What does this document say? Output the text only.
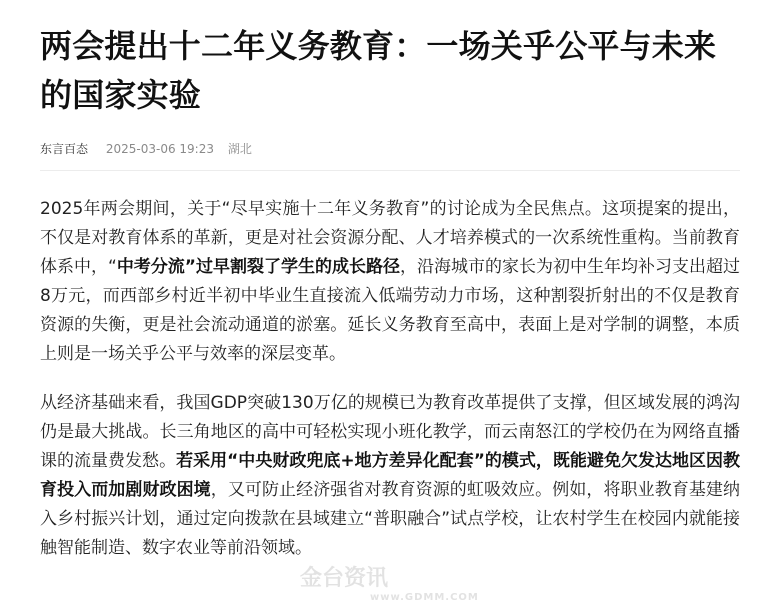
两会提出十二年义务教育：一场关乎公平与未来的国家实验
东言百态 2025-03-06 19:23 湖北

2025年两会期间，关于“尽早实施十二年义务教育”的讨论成为全民焦点。这项提案的提出，不仅是对教育体系的革新，更是对社会资源分配、人才培养模式的一次系统性重构。当前教育体系中，“中考分流”过早割裂了学生的成长路径，沿海城市的家长为初中生年均补习支出超过8万元，而西部乡村近半初中毕业生直接流入低端劳动力市场，这种割裂折射出的不仅是教育资源的失衡，更是社会流动通道的淤塞。延长义务教育至高中，表面上是对学制的调整，本质上则是一场关乎公平与效率的深层变革。

从经济基础来看，我国GDP突破130万亿的规模已为教育改革提供了支撑，但区域发展的鸿沟仍是最大挑战。长三角地区的高中可轻松实现小班化教学，而云南怒江的学校仍在为网络直播课的流量费发愁。若采用“中央财政兜底+地方差异化配套”的模式，既能避免欠发达地区因教育投入而加剧财政困境，又可防止经济强省对教育资源的虹吸效应。例如，将职业教育基建纳入乡村振兴计划，通过定向拨款在县域建立“普职融合”试点学校，让农村学生在校园内就能接触智能制造、数字农业等前沿领域。

金台资讯
www.GDMM.COM
